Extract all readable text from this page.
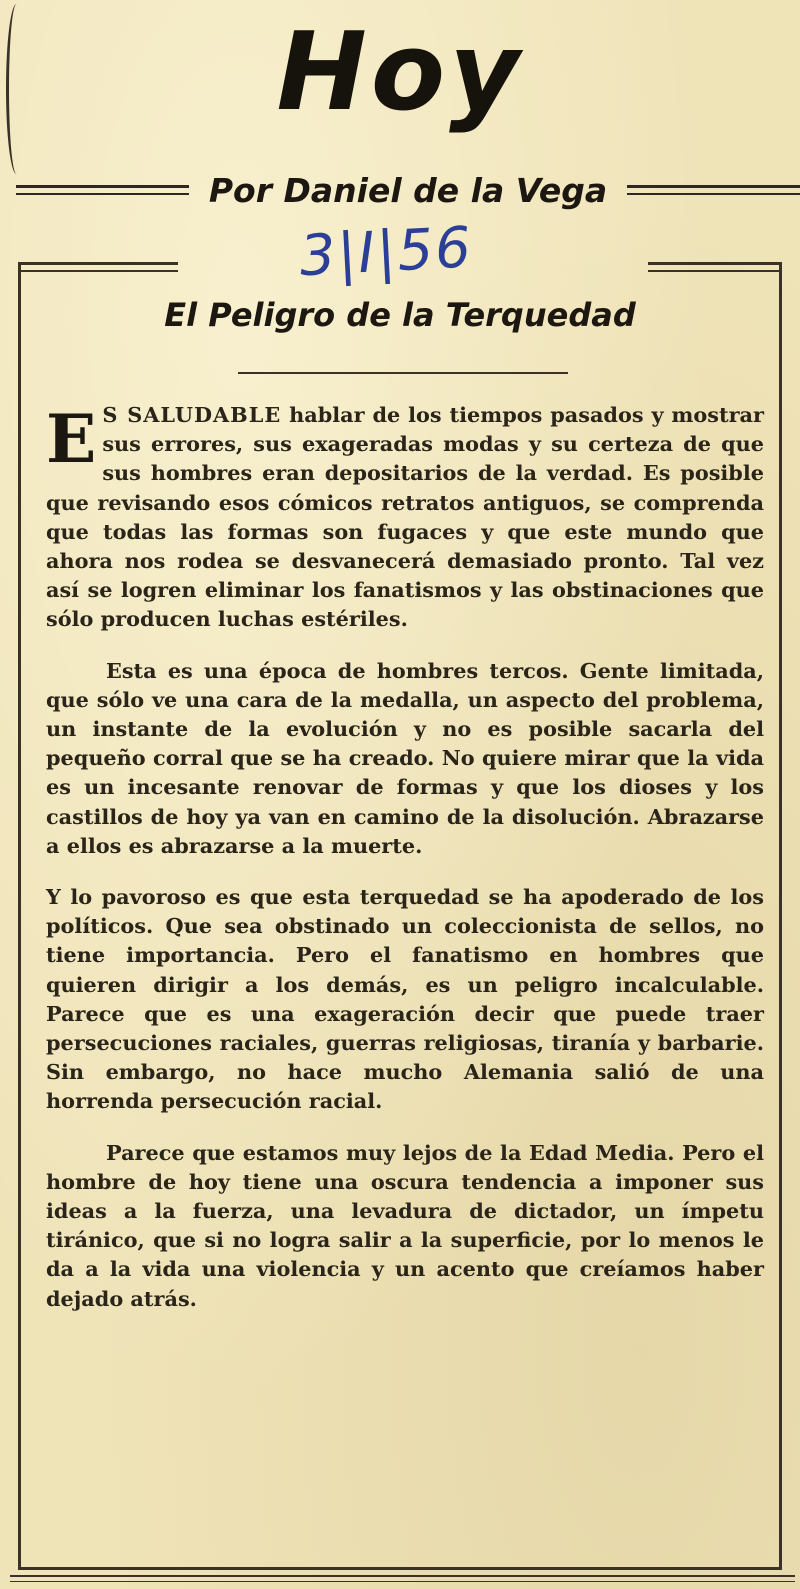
Hoy
Por Daniel de la Vega
3|I|56
El Peligro de la Terquedad

E S SALUDABLE hablar de los tiempos pasados y mostrar sus errores, sus exageradas modas y su certeza de que sus hombres eran depositarios de la verdad. Es posible que revisando esos cómicos retratos antiguos, se comprenda que todas las formas son fugaces y que este mundo que ahora nos rodea se desvanecerá demasiado pronto. Tal vez así se logren eliminar los fanatismos y las obstinaciones que sólo producen luchas estériles.

Esta es una época de hombres tercos. Gente limitada, que sólo ve una cara de la medalla, un aspecto del problema, un instante de la evolución y no es posible sacarla del pequeño corral que se ha creado. No quiere mirar que la vida es un incesante renovar de formas y que los dioses y los castillos de hoy ya van en camino de la disolución. Abrazarse a ellos es abrazarse a la muerte.

Y lo pavoroso es que esta terquedad se ha apoderado de los políticos. Que sea obstinado un coleccionista de sellos, no tiene importancia. Pero el fanatismo en hombres que quieren dirigir a los demás, es un peligro incalculable. Parece que es una exageración decir que puede traer persecuciones raciales, guerras religiosas, tiranía y barbarie. Sin embargo, no hace mucho Alemania salió de una horrenda persecución racial.

Parece que estamos muy lejos de la Edad Media. Pero el hombre de hoy tiene una oscura tendencia a imponer sus ideas a la fuerza, una levadura de dictador, un ímpetu tiránico, que si no logra salir a la superficie, por lo menos le da a la vida una violencia y un acento que creíamos haber dejado atrás.
